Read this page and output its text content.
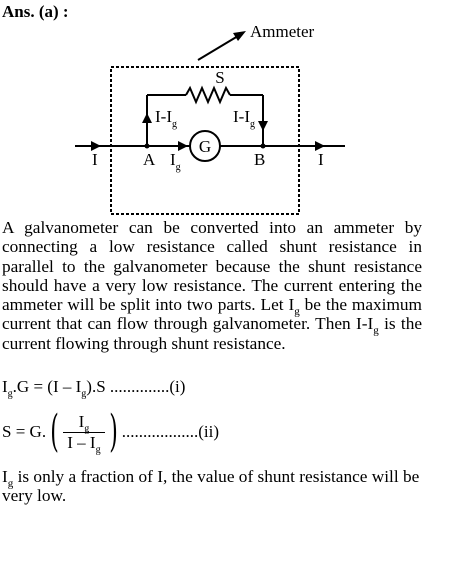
Ans. (a) :
Ammeter
G
S
$I-I_g$	$I-I_g$
I	A $I_g$	B	I
A galvanometer can be converted into an ammeter by connecting a low resistance called shunt resistance in parallel to the galvanometer because the shunt resistance should have a very low resistance. The current entering the ammeter will be split into two parts. Let $I_g$ be the maximum current that can flow through galvanometer. Then $I-I_g$ is the current flowing through shunt resistance.
$I_g.G = (I - I_g).S$ ..............(i)
$S = G.( \frac{I_g}{I - I_g}$ ) ..................(ii)
$I_g$ is only a fraction of I, the value of shunt resistance will be very low.
